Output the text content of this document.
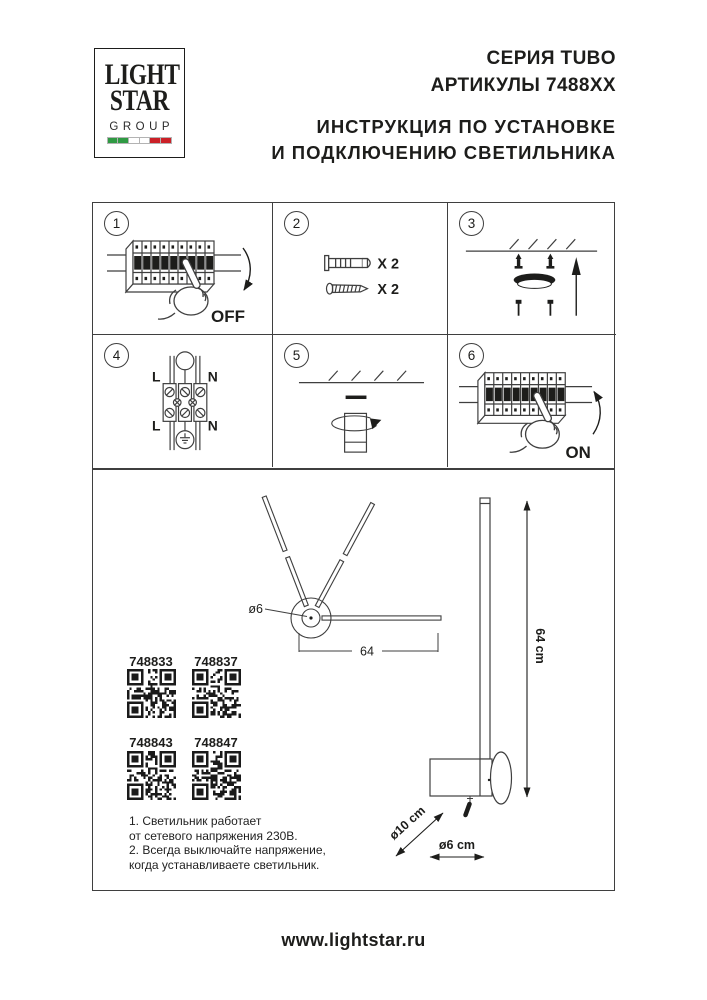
LIGHT
STAR
GROUP
СЕРИЯ TUBO
АРТИКУЛЫ 7488XX
ИНСТРУКЦИЯ ПО УСТАНОВКЕ
И ПОДКЛЮЧЕНИЮ СВЕТИЛЬНИКА
1
OFF
2
X 2
X 2
3
4
L	N
L	N
5	6
ON
ø6
64	64 cm
ø10 cm
ø6 cm
748833	748837
748843	748847
1. Светильник работает
от сетевого напряжения 230В.
2. Всегда выключайте напряжение,
когда устанавливаете светильник.
www.lightstar.ru
